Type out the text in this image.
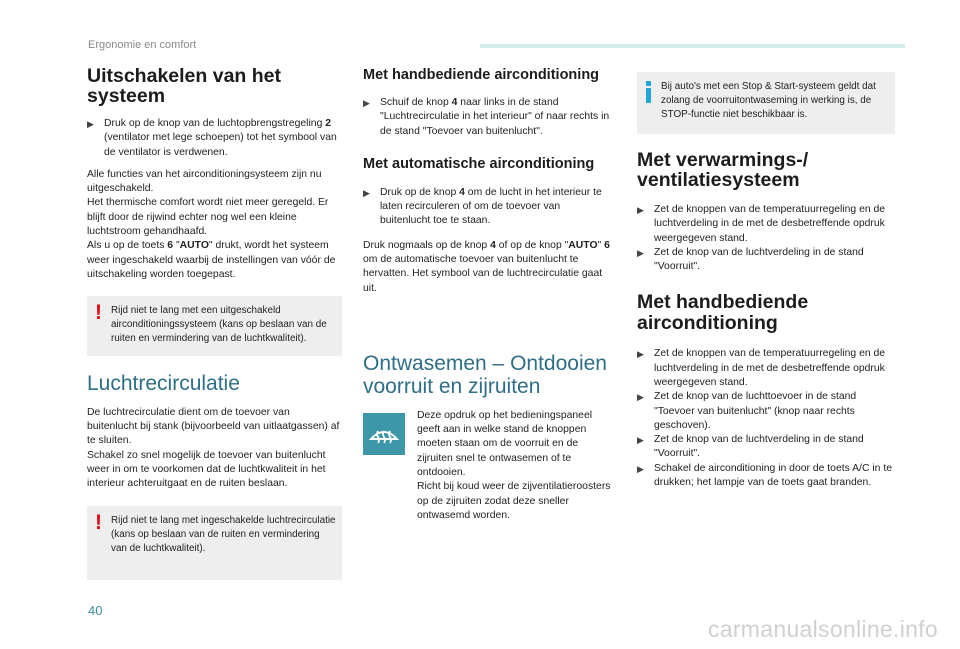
Ergonomie en comfort
Uitschakelen van het systeem
▶ Druk op de knop van de luchtopbrengstregeling 2 (ventilator met lege schoepen) tot het symbool van de ventilator is verdwenen.

Alle functies van het airconditioningsysteem zijn nu uitgeschakeld.

Het thermische comfort wordt niet meer geregeld. Er blijft door de rijwind echter nog wel een kleine luchtstroom gehandhaafd.

Als u op de toets 6 "AUTO" drukt, wordt het systeem weer ingeschakeld waarbij de instellingen van vóór de uitschakeling worden toegepast.

! Rijd niet te lang met een uitgeschakeld airconditioningssysteem (kans op beslaan van de ruiten en vermindering van de luchtkwaliteit).
Luchtrecirculatie

De luchtrecirculatie dient om de toevoer van buitenlucht bij stank (bijvoorbeeld van uitlaatgassen) af te sluiten.

Schakel zo snel mogelijk de toevoer van buitenlucht weer in om te voorkomen dat de luchtkwaliteit in het interieur achteruitgaat en de ruiten beslaan.

! Rijd niet te lang met ingeschakelde luchtrecirculatie (kans op beslaan van de ruiten en vermindering van de luchtkwaliteit).
Met handbediende airconditioning
▶ Schuif de knop 4 naar links in de stand "Luchtrecirculatie in het interieur" of naar rechts in de stand "Toevoer van buitenlucht".
Met automatische airconditioning
▶ Druk op de knop 4 om de lucht in het interieur te laten recirculeren of om de toevoer van buitenlucht toe te staan.

Druk nogmaals op de knop 4 of op de knop "AUTO" 6 om de automatische toevoer van buitenlucht te hervatten. Het symbool van de luchtrecirculatie gaat uit.

Ontwasemen – Ontdooien voorruit en zijruiten

Deze opdruk op het bedieningspaneel geeft aan in welke stand de knoppen moeten staan om de voorruit en de zijruiten snel te ontwasemen of te ontdooien.

Richt bij koud weer de zijventilatieroosters op de zijruiten zodat deze sneller ontwasemd worden.

Bij auto's met een Stop & Start-systeem geldt dat zolang de voorruitontwaseming in werking is, de STOP-functie niet beschikbaar is.
Met verwarmings-/ ventilatiesysteem
▶ Zet de knoppen van de temperatuurregeling en de luchtverdeling in de met de desbetreffende opdruk weergegeven stand.
▶ Zet de knop van de luchtverdeling in de stand "Voorruit".
Met handbediende airconditioning
▶ Zet de knoppen van de temperatuurregeling en de luchtverdeling in de met de desbetreffende opdruk weergegeven stand.
▶ Zet de knop van de luchttoevoer in de stand "Toevoer van buitenlucht" (knop naar rechts geschoven).
▶ Zet de knop van de luchtverdeling in de stand "Voorruit".
▶ Schakel de airconditioning in door de toets A/C in te drukken; het lampje van de toets gaat branden.
40
carmanualsonline.info
